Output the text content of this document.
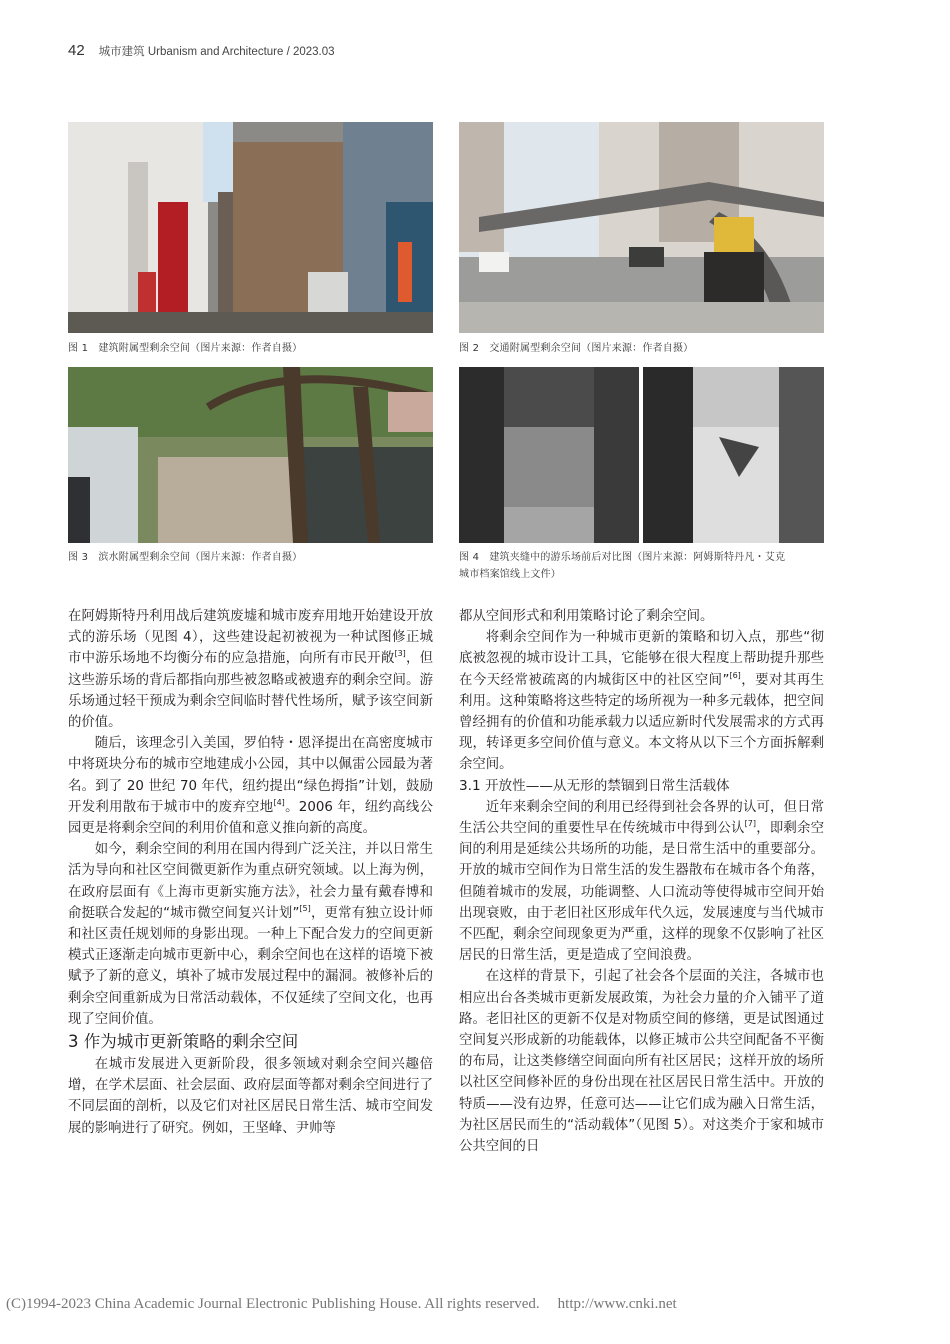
42 城市建筑 Urbanism and Architecture / 2023.03
图 1　建筑附属型剩余空间（图片来源：作者自摄）	图 2　交通附属型剩余空间（图片来源：作者自摄）
图 3　滨水附属型剩余空间（图片来源：作者自摄）	图 4　建筑夹缝中的游乐场前后对比图（图片来源：阿姆斯特丹凡・艾克
城市档案馆线上文件）

在阿姆斯特丹利用战后建筑废墟和城市废弃用地开始建设开放式的游乐场（见图 4），这些建设起初被视为一种试图修正城市中游乐场地不均衡分布的应急措施，向所有市民开敞[3]，但这些游乐场的背后都指向那些被忽略或被遗弃的剩余空间。游乐场通过轻干预成为剩余空间临时替代性场所，赋予该空间新的价值。

随后，该理念引入美国，罗伯特・恩泽提出在高密度城市中将斑块分布的城市空地建成小公园，其中以佩雷公园最为著名。到了 20 世纪 70 年代，纽约提出“绿色拇指”计划，鼓励开发利用散布于城市中的废弃空地[4]。2006 年，纽约高线公园更是将剩余空间的利用价值和意义推向新的高度。

如今，剩余空间的利用在国内得到广泛关注，并以日常生活为导向和社区空间微更新作为重点研究领域。以上海为例，在政府层面有《上海市更新实施方法》，社会力量有戴春博和俞挺联合发起的“城市微空间复兴计划”[5]，更常有独立设计师和社区责任规划师的身影出现。一种上下配合发力的空间更新模式正逐渐走向城市更新中心，剩余空间也在这样的语境下被赋予了新的意义，填补了城市发展过程中的漏洞。被修补后的剩余空间重新成为日常活动载体，不仅延续了空间文化，也再现了空间价值。

3 作为城市更新策略的剩余空间

在城市发展进入更新阶段，很多领域对剩余空间兴趣倍增，在学术层面、社会层面、政府层面等都对剩余空间进行了不同层面的剖析，以及它们对社区居民日常生活、城市空间发展的影响进行了研究。例如，王坚峰、尹帅等

都从空间形式和利用策略讨论了剩余空间。

将剩余空间作为一种城市更新的策略和切入点，那些“彻底被忽视的城市设计工具，它能够在很大程度上帮助提升那些在今天经常被疏离的内城街区中的社区空间”[6]，要对其再生利用。这种策略将这些特定的场所视为一种多元载体，把空间曾经拥有的价值和功能承载力以适应新时代发展需求的方式再现，转译更多空间价值与意义。本文将从以下三个方面拆解剩余空间。

3.1 开放性——从无形的禁锢到日常生活载体

近年来剩余空间的利用已经得到社会各界的认可，但日常生活公共空间的重要性早在传统城市中得到公认[7]，即剩余空间的利用是延续公共场所的功能，是日常生活中的重要部分。开放的城市空间作为日常生活的发生器散布在城市各个角落，但随着城市的发展，功能调整、人口流动等使得城市空间开始出现衰败，由于老旧社区形成年代久远，发展速度与当代城市不匹配，剩余空间现象更为严重，这样的现象不仅影响了社区居民的日常生活，更是造成了空间浪费。

在这样的背景下，引起了社会各个层面的关注，各城市也相应出台各类城市更新发展政策，为社会力量的介入铺平了道路。老旧社区的更新不仅是对物质空间的修缮，更是试图通过空间复兴形成新的功能载体，以修正城市公共空间配备不平衡的布局，让这类修缮空间面向所有社区居民；这样开放的场所以社区空间修补匠的身份出现在社区居民日常生活中。开放的特质——没有边界，任意可达——让它们成为融入日常生活，为社区居民而生的“活动载体”（见图 5）。对这类介于家和城市公共空间的日

(C)1994-2023 China Academic Journal Electronic Publishing House. All rights reserved. http://www.cnki.net
